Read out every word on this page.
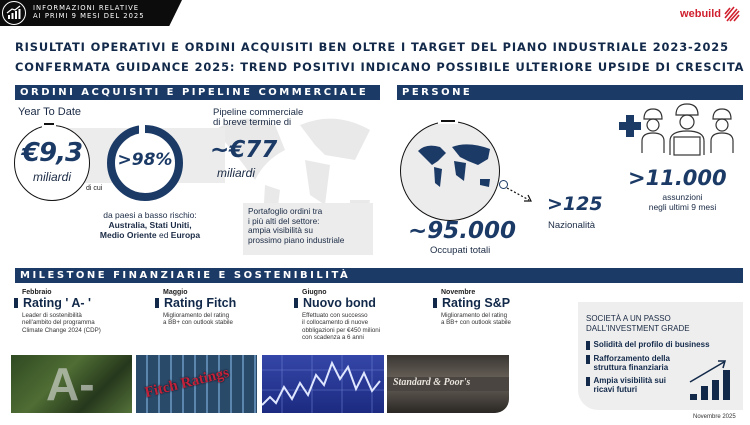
INFORMAZIONI RELATIVE
AI PRIMI 9 MESI DEL 2025	webuild
RISULTATI OPERATIVI E ORDINI ACQUISITI BEN OLTRE I TARGET DEL PIANO INDUSTRIALE 2023-2025
CONFERMATA GUIDANCE 2025: TREND POSITIVI INDICANO POSSIBILE ULTERIORE UPSIDE DI CRESCITA
ORDINI ACQUISITI E PIPELINE COMMERCIALE
Year To Date
€9,3
miliardi
di cui
>98%
da paesi a basso rischio:
Australia, Stati Uniti,
Medio Oriente ed Europa
Pipeline commerciale
di breve termine di
~€77
miliardi
Portafoglio ordini tra
i più alti del settore:
ampia visibilità su
prossimo piano industriale
PERSONE
~95.000
Occupati totali
>125
Nazionalità
>11.000
assunzioni
negli ultimi 9 mesi
MILESTONE FINANZIARIE E SOSTENIBILITÀ
Febbraio
Rating ' A- '
Leader di sostenibilità
nell'ambito del programma
Climate Change 2024 (CDP)
Maggio
Rating Fitch
Miglioramento del rating
a BB+ con outlook stabile
Giugno
Nuovo bond
Effettuato con successo
il collocamento di nuove
obbligazioni per €450 milioni
con scadenza a 6 anni
Novembre
Rating S&P
Miglioramento del rating
a BB+ con outlook stabile
A-	Fitch Ratings	Standard & Poor's
SOCIETÀ A UN PASSO
DALL'INVESTMENT GRADE
Solidità del profilo di business
Rafforzamento della
struttura finanziaria
Ampia visibilità sui
ricavi futuri
Novembre 2025
